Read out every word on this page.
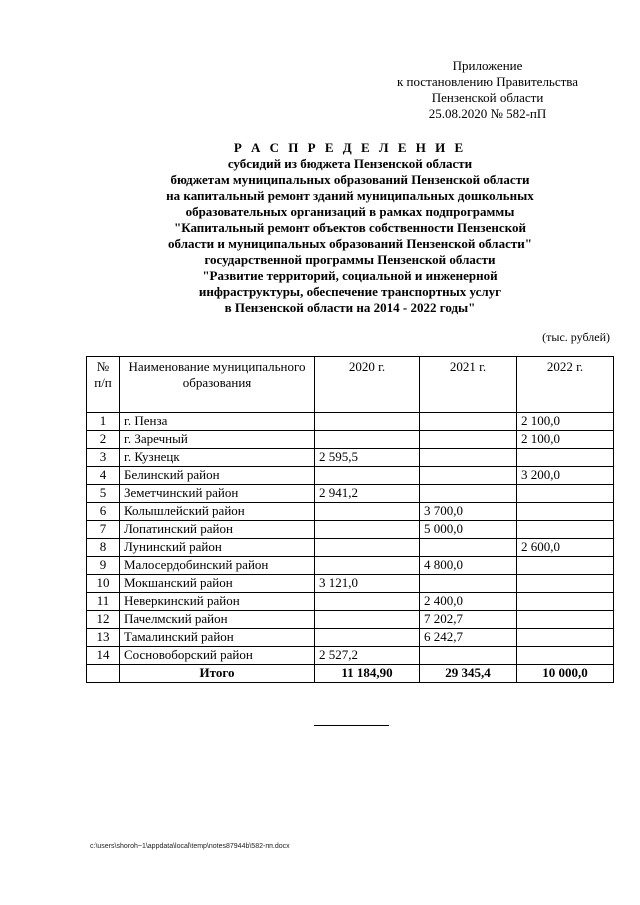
Приложение
к постановлению Правительства
Пензенской области
25.08.2020 № 582-пП
Р А С П Р Е Д Е Л Е Н И Е
субсидий из бюджета Пензенской области
бюджетам муниципальных образований Пензенской области
на капитальный ремонт зданий муниципальных дошкольных
образовательных организаций в рамках подпрограммы
"Капитальный ремонт объектов собственности Пензенской
области и муниципальных образований Пензенской области"
государственной программы Пензенской области
"Развитие территорий, социальной и инженерной
инфраструктуры, обеспечение транспортных услуг
в Пензенской области на 2014 - 2022 годы"
(тыс. рублей)
№ п/п	Наименование муниципального образования	2020 г.	2021 г.	2022 г.
1	г. Пенза			2 100,0
2	г. Заречный			2 100,0
3	г. Кузнецк	2 595,5		
4	Белинский район			3 200,0
5	Земетчинский район	2 941,2		
6	Колышлейский район		3 700,0	
7	Лопатинский район		5 000,0	
8	Лунинский район			2 600,0
9	Малосердобинский район		4 800,0	
10	Мокшанский район	3 121,0		
11	Неверкинский район		2 400,0	
12	Пачелмский район		7 202,7	
13	Тамалинский район		6 242,7	
14	Сосновоборский район	2 527,2		
	Итого	11 184,90	29 345,4	10 000,0
c:\users\shoroh~1\appdata\local\temp\notes87944b\582-пп.docx
